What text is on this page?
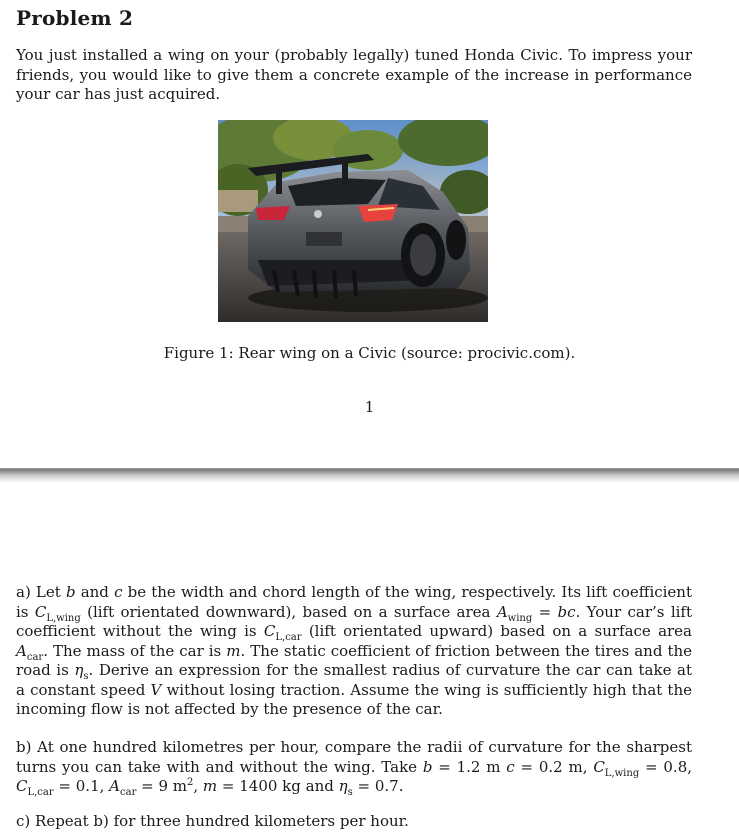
Problem 2
You just installed a wing on your (probably legally) tuned Honda Civic. To impress your friends, you would like to give them a concrete example of the increase in performance your car has just acquired.
Figure 1: Rear wing on a Civic (source: procivic.com).
1
a) Let b and c be the width and chord length of the wing, respectively. Its lift coefficient is $C_{L,wing}$ (lift orientated downward), based on a surface area $A_{wing}$ = bc. Your car’s lift coefficient without the wing is $C_{L,car}$ (lift orientated upward) based on a surface area $A_{car}$. The mass of the car is m. The static coefficient of friction between the tires and the road is $\eta_s$. Derive an expression for the smallest radius of curvature the car can take at a constant speed V without losing traction. Assume the wing is sufficiently high that the incoming flow is not affected by the presence of the car.
b) At one hundred kilometres per hour, compare the radii of curvature for the sharpest turns you can take with and without the wing. Take b = 1.2 m c = 0.2 m, $C_{L,wing} = 0.8$, $C_{L,car} = 0.1$, $A_{car} = 9$ $m^2$, m = 1400 kg and $\eta_s = 0.7$.
c) Repeat b) for three hundred kilometers per hour.
